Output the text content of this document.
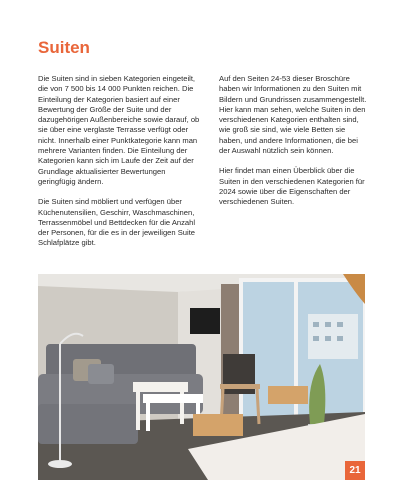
Suiten

Die Suiten sind in sieben Kategorien eingeteilt, die von 7 500 bis 14 000 Punkten reichen. Die Einteilung der Kategorien basiert auf einer Bewertung der Größe der Suite und der dazugehörigen Außenbereiche sowie darauf, ob sie über eine verglaste Terrasse verfügt oder nicht. Innerhalb einer Punktkategorie kann man mehrere Varianten finden. Die Einteilung der Kategorien kann sich im Laufe der Zeit auf der Grundlage aktualisierter Bewertungen geringfügig ändern.

Die Suiten sind möbliert und verfügen über Küchenutensilien, Geschirr, Waschmaschinen, Terrassenmöbel und Bettdecken für die Anzahl der Personen, für die es in der jeweiligen Suite Schlafplätze gibt.

Auf den Seiten 24-53 dieser Broschüre haben wir Informationen zu den Suiten mit Bildern und Grundrissen zusammengestellt. Hier kann man sehen, welche Suiten in den verschiedenen Kategorien enthalten sind, wie groß sie sind, wie viele Betten sie haben, und andere Informationen, die bei der Auswahl nützlich sein können.

Hier findet man einen Überblick über die Suiten in den verschiedenen Kategorien für 2024 sowie über die Eigenschaften der verschiedenen Suiten.

21
